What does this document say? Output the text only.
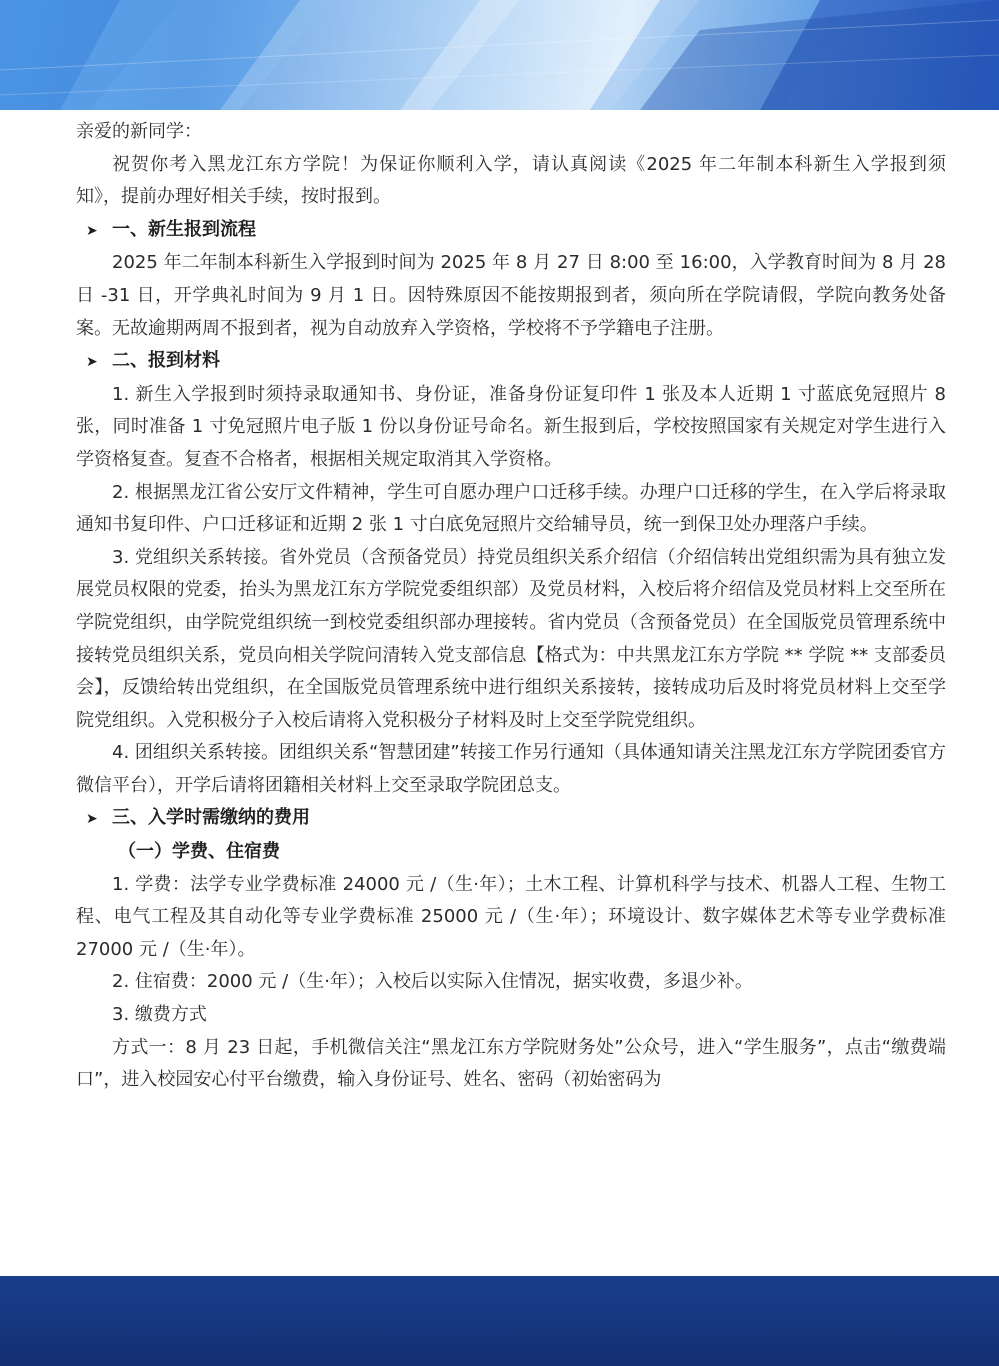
亲爱的新同学：

祝贺你考入黑龙江东方学院！为保证你顺利入学，请认真阅读《2025 年二年制本科新生入学报到须知》，提前办理好相关手续，按时报到。

➤ 一、新生报到流程

2025 年二年制本科新生入学报到时间为 2025 年 8 月 27 日 8:00 至 16:00，入学教育时间为 8 月 28 日 -31 日，开学典礼时间为 9 月 1 日。因特殊原因不能按期报到者，须向所在学院请假，学院向教务处备案。无故逾期两周不报到者，视为自动放弃入学资格，学校将不予学籍电子注册。

➤ 二、报到材料

1. 新生入学报到时须持录取通知书、身份证，准备身份证复印件 1 张及本人近期 1 寸蓝底免冠照片 8 张，同时准备 1 寸免冠照片电子版 1 份以身份证号命名。新生报到后，学校按照国家有关规定对学生进行入学资格复查。复查不合格者，根据相关规定取消其入学资格。

2. 根据黑龙江省公安厅文件精神，学生可自愿办理户口迁移手续。办理户口迁移的学生，在入学后将录取通知书复印件、户口迁移证和近期 2 张 1 寸白底免冠照片交给辅导员，统一到保卫处办理落户手续。

3. 党组织关系转接。省外党员（含预备党员）持党员组织关系介绍信（介绍信转出党组织需为具有独立发展党员权限的党委，抬头为黑龙江东方学院党委组织部）及党员材料，入校后将介绍信及党员材料上交至所在学院党组织，由学院党组织统一到校党委组织部办理接转。省内党员（含预备党员）在全国版党员管理系统中接转党员组织关系，党员向相关学院问清转入党支部信息【格式为：中共黑龙江东方学院 ** 学院 ** 支部委员会】，反馈给转出党组织，在全国版党员管理系统中进行组织关系接转，接转成功后及时将党员材料上交至学院党组织。入党积极分子入校后请将入党积极分子材料及时上交至学院党组织。

4. 团组织关系转接。团组织关系“智慧团建”转接工作另行通知（具体通知请关注黑龙江东方学院团委官方微信平台），开学后请将团籍相关材料上交至录取学院团总支。

➤ 三、入学时需缴纳的费用

（一）学费、住宿费

1. 学费：法学专业学费标准 24000 元 /（生·年）；土木工程、计算机科学与技术、机器人工程、生物工程、电气工程及其自动化等专业学费标准 25000 元 /（生·年）；环境设计、数字媒体艺术等专业学费标准 27000 元 /（生·年）。

2. 住宿费：2000 元 /（生·年）；入校后以实际入住情况，据实收费，多退少补。

3. 缴费方式

方式一：8 月 23 日起，手机微信关注“黑龙江东方学院财务处”公众号，进入“学生服务”，点击“缴费端口”，进入校园安心付平台缴费，输入身份证号、姓名、密码（初始密码为
